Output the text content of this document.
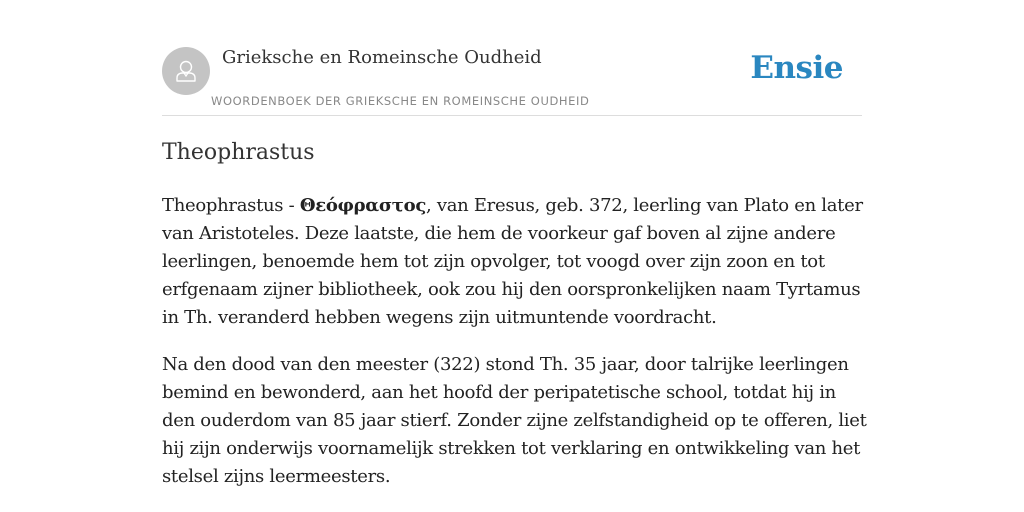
Grieksche en Romeinsche Oudheid
WOORDENBOEK DER GRIEKSCHE EN ROMEINSCHE OUDHEID
Ensie
Theophrastus

Theophrastus - Θεόφραστος, van Eresus, geb. 372, leerling van Plato en later van Aristoteles. Deze laatste, die hem de voorkeur gaf boven al zijne andere leerlingen, benoemde hem tot zijn opvolger, tot voogd over zijn zoon en tot erfgenaam zijner bibliotheek, ook zou hij den oorspronkelijken naam Tyrtamus in Th. veranderd hebben wegens zijn uitmuntende voordracht.

Na den dood van den meester (322) stond Th. 35 jaar, door talrijke leerlingen bemind en bewonderd, aan het hoofd der peripatetische school, totdat hij in den ouderdom van 85 jaar stierf. Zonder zijne zelfstandigheid op te offeren, liet hij zijn onderwijs voornamelijk strekken tot verklaring en ontwikkeling van het stelsel zijns leermeesters.
